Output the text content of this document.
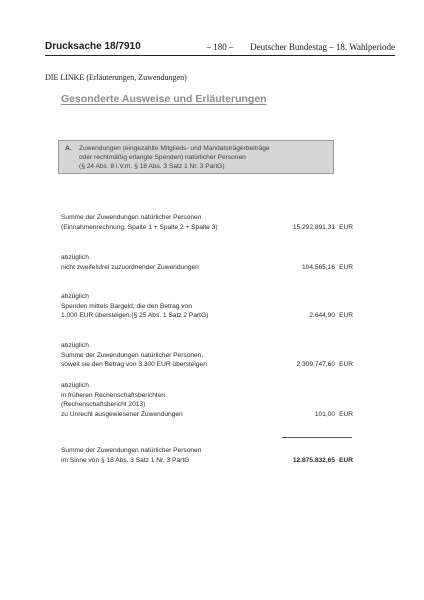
Drucksache 18/7910	– 180 – Deutscher Bundestag – 18. Wahlperiode
DIE LINKE (Erläuterungen, Zuwendungen)
Gesonderte Ausweise und Erläuterungen
A. Zuwendungen (eingezahlte Mitglieds- und Mandatsträgerbeiträge
oder rechtmäßig erlangte Spenden) natürlicher Personen
(§ 24 Abs. 8 i.V.m. § 18 Abs. 3 Satz 1 Nr. 3 PartG)
Summe der Zuwendungen natürlicher Personen
(Einnahmenrechnung, Spalte 1 + Spalte 2 + Spalte 3)	15.292.891,31 EUR
abzüglich
nicht zweifelsfrei zuzuordnender Zuwendungen	104.565,16 EUR
abzüglich
Spenden mittels Bargeld, die den Betrag von
1.000 EUR übersteigen (§ 25 Abs. 1 Satz 2 PartG)	2.644,90 EUR
abzüglich
Summe der Zuwendungen natürlicher Personen,
soweit sie den Betrag von 3.300 EUR übersteigen	2.309.747,60 EUR
abzüglich
in früheren Rechenschaftsberichten
(Rechenschaftsbericht 2013)
zu Unrecht ausgewiesener Zuwendungen	101,00 EUR
Summe der Zuwendungen natürlicher Personen
im Sinne von § 18 Abs. 3 Satz 1 Nr. 3 PartG	12.875.832,65 EUR
